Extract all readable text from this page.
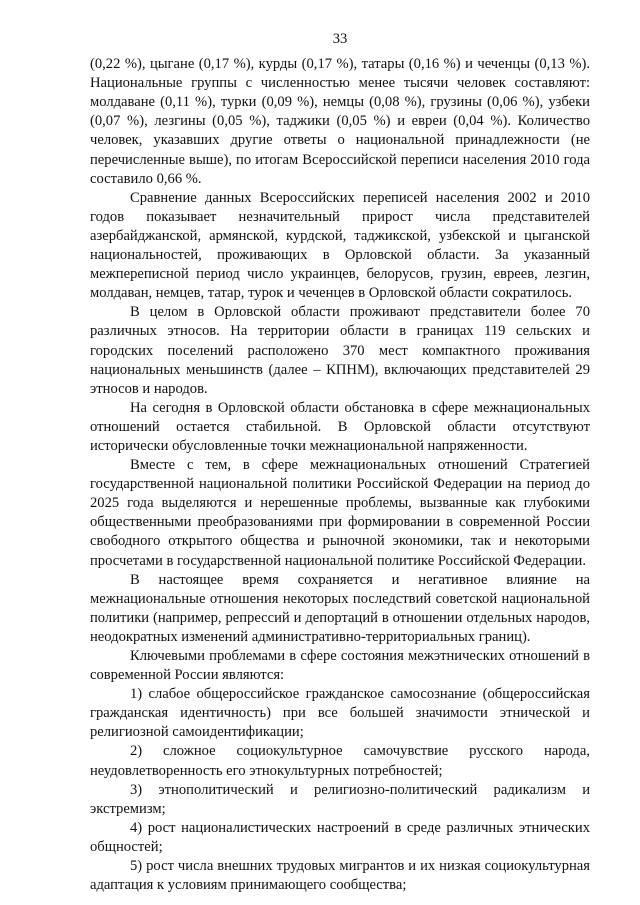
33

(0,22 %), цыгане (0,17 %), курды (0,17 %), татары (0,16 %) и чеченцы (0,13 %). Национальные группы с численностью менее тысячи человек составляют: молдаване (0,11 %), турки (0,09 %), немцы (0,08 %), грузины (0,06 %), узбеки (0,07 %), лезгины (0,05 %), таджики (0,05 %) и евреи (0,04 %). Количество человек, указавших другие ответы о национальной принадлежности (не перечисленные выше), по итогам Всероссийской переписи населения 2010 года составило 0,66 %.

Сравнение данных Всероссийских переписей населения 2002 и 2010 годов показывает незначительный прирост числа представителей азербайджанской, армянской, курдской, таджикской, узбекской и цыганской национальностей, проживающих в Орловской области. За указанный межпереписной период число украинцев, белорусов, грузин, евреев, лезгин, молдаван, немцев, татар, турок и чеченцев в Орловской области сократилось.

В целом в Орловской области проживают представители более 70 различных этносов. На территории области в границах 119 сельских и городских поселений расположено 370 мест компактного проживания национальных меньшинств (далее – КПНМ), включающих представителей 29 этносов и народов.

На сегодня в Орловской области обстановка в сфере межнациональных отношений остается стабильной. В Орловской области отсутствуют исторически обусловленные точки межнациональной напряженности.

Вместе с тем, в сфере межнациональных отношений Стратегией государственной национальной политики Российской Федерации на период до 2025 года выделяются и нерешенные проблемы, вызванные как глубокими общественными преобразованиями при формировании в современной России свободного открытого общества и рыночной экономики, так и некоторыми просчетами в государственной национальной политике Российской Федерации.

В настоящее время сохраняется и негативное влияние на межнациональные отношения некоторых последствий советской национальной политики (например, репрессий и депортаций в отношении отдельных народов, неодократных изменений административно-территориальных границ).

Ключевыми проблемами в сфере состояния межэтнических отношений в современной России являются:

1) слабое общероссийское гражданское самосознание (общероссийская гражданская идентичность) при все большей значимости этнической и религиозной самоидентификации;

2) сложное социокультурное самочувствие русского народа, неудовлетворенность его этнокультурных потребностей;

3) этнополитический и религиозно-политический радикализм и экстремизм;

4) рост националистических настроений в среде различных этнических общностей;

5) рост числа внешних трудовых мигрантов и их низкая социокультурная адаптация к условиям принимающего сообщества;
